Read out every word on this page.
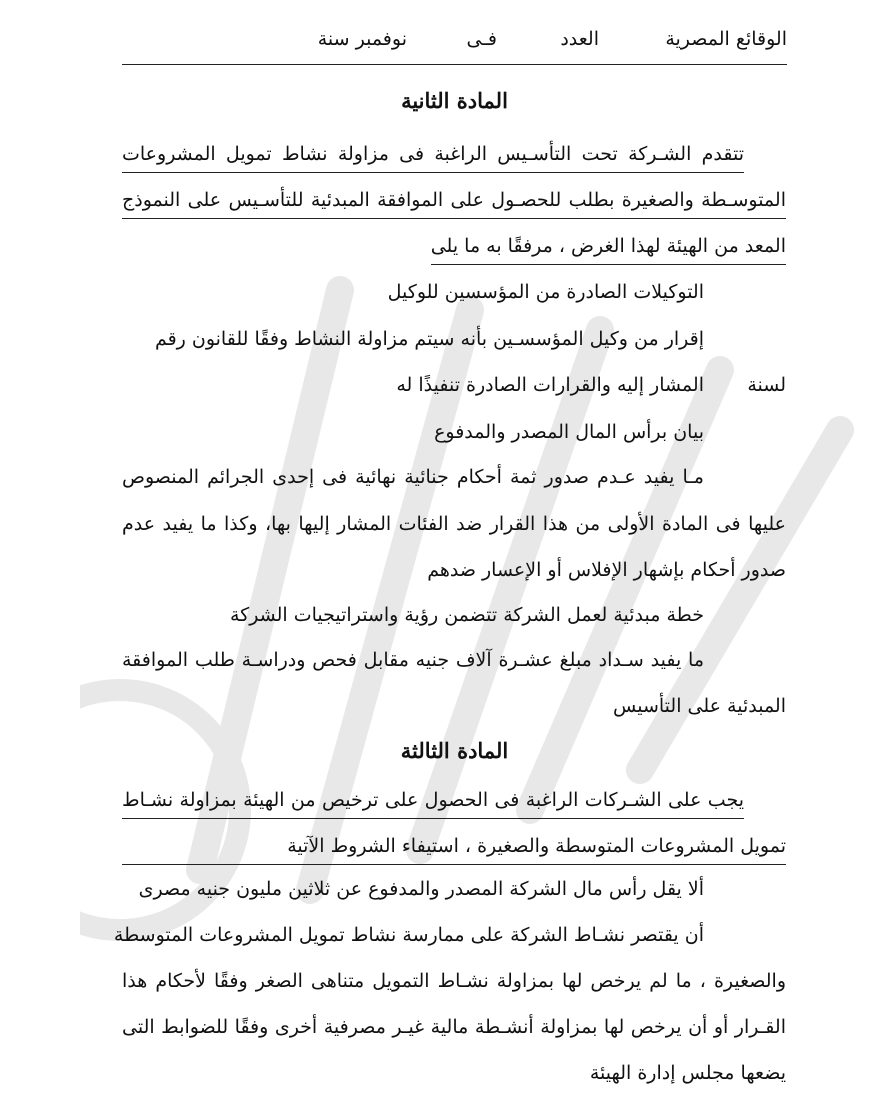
الوقائع المصرية
العدد
فـى
نوفمبر سنة
المادة الثانية
تتقدم الشـركة تحت التأسـيس الراغبة فى مزاولة نشاط تمويل المشروعات
المتوسـطة والصغيرة بطلب للحصـول على الموافقة المبدئية للتأسـيس على النموذج
المعد من الهيئة لهذا الغرض ، مرفقًا به ما يلى
التوكيلات الصادرة من المؤسسين للوكيل
إقرار من وكيل المؤسسـين بأنه سيتم مزاولة النشاط وفقًا للقانون رقم
لسنة
المشار إليه والقرارات الصادرة تنفيذًا له
بيان برأس المال المصدر والمدفوع
مـا يفيد عـدم صدور ثمة أحكام جنائية نهائية فى إحدى الجرائم المنصوص
عليها فى المادة الأولى من هذا القرار ضد الفئات المشار إليها بها، وكذا ما يفيد عدم
صدور أحكام بإشهار الإفلاس أو الإعسار ضدهم
خطة مبدئية لعمل الشركة تتضمن رؤية واستراتيجيات الشركة
ما يفيد سـداد مبلغ عشـرة آلاف جنيه مقابل فحص ودراسـة طلب الموافقة
المبدئية على التأسيس
المادة الثالثة
يجب على الشـركات الراغبة فى الحصول على ترخيص من الهيئة بمزاولة نشـاط
تمويل المشروعات المتوسطة والصغيرة ، استيفاء الشروط الآتية
ألا يقل رأس مال الشركة المصدر والمدفوع عن ثلاثين مليون جنيه مصرى
أن يقتصر نشـاط الشركة على ممارسة نشاط تمويل المشروعات المتوسطة
والصغيرة ، ما لم يرخص لها بمزاولة نشـاط التمويل متناهى الصغر وفقًا لأحكام هذا
القـرار أو أن يرخص لها بمزاولة أنشـطة مالية غيـر مصرفية أخرى وفقًا للضوابط التى
يضعها مجلس إدارة الهيئة
